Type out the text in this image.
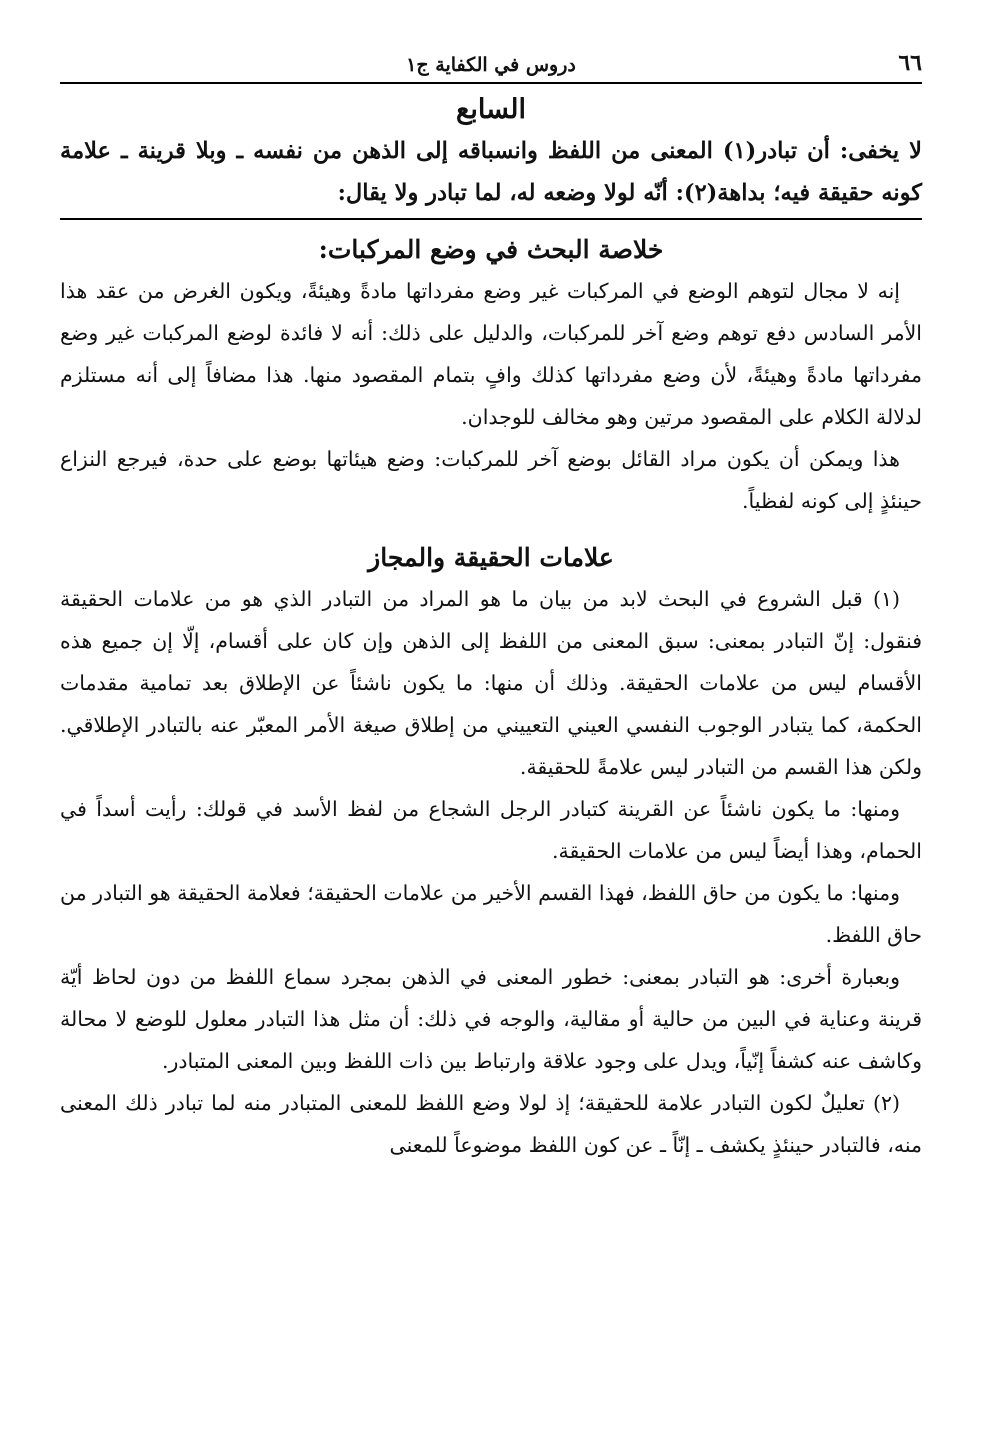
٦٦
دروس في الكفاية ج١
السابع

لا يخفى: أن تبادر(١) المعنى من اللفظ وانسباقه إلى الذهن من نفسه ـ وبلا قرينة ـ علامة كونه حقيقة فيه؛ بداهة(٢): أنّه لولا وضعه له، لما تبادر ولا يقال:

خلاصة البحث في وضع المركبات:

إنه لا مجال لتوهم الوضع في المركبات غير وضع مفرداتها مادةً وهيئةً، ويكون الغرض من عقد هذا الأمر السادس دفع توهم وضع آخر للمركبات، والدليل على ذلك: أنه لا فائدة لوضع المركبات غير وضع مفرداتها مادةً وهيئةً، لأن وضع مفرداتها كذلك وافٍ بتمام المقصود منها. هذا مضافاً إلى أنه مستلزم لدلالة الكلام على المقصود مرتين وهو مخالف للوجدان.

هذا ويمكن أن يكون مراد القائل بوضع آخر للمركبات: وضع هيئاتها بوضع على حدة، فيرجع النزاع حينئذٍ إلى كونه لفظياً.

علامات الحقيقة والمجاز

(١) قبل الشروع في البحث لابد من بيان ما هو المراد من التبادر الذي هو من علامات الحقيقة فنقول: إنّ التبادر بمعنى: سبق المعنى من اللفظ إلى الذهن وإن كان على أقسام، إلّا إن جميع هذه الأقسام ليس من علامات الحقيقة. وذلك أن منها: ما يكون ناشئاً عن الإطلاق بعد تمامية مقدمات الحكمة، كما يتبادر الوجوب النفسي العيني التعييني من إطلاق صيغة الأمر المعبّر عنه بالتبادر الإطلاقي. ولكن هذا القسم من التبادر ليس علامةً للحقيقة.

ومنها: ما يكون ناشئاً عن القرينة كتبادر الرجل الشجاع من لفظ الأسد في قولك: رأيت أسداً في الحمام، وهذا أيضاً ليس من علامات الحقيقة.

ومنها: ما يكون من حاق اللفظ، فهذا القسم الأخير من علامات الحقيقة؛ فعلامة الحقيقة هو التبادر من حاق اللفظ.

وبعبارة أخرى: هو التبادر بمعنى: خطور المعنى في الذهن بمجرد سماع اللفظ من دون لحاظ أيّة قرينة وعناية في البين من حالية أو مقالية، والوجه في ذلك: أن مثل هذا التبادر معلول للوضع لا محالة وكاشف عنه كشفاً إنّياً، ويدل على وجود علاقة وارتباط بين ذات اللفظ وبين المعنى المتبادر.

(٢) تعليلٌ لكون التبادر علامة للحقيقة؛ إذ لولا وضع اللفظ للمعنى المتبادر منه لما تبادر ذلك المعنى منه، فالتبادر حينئذٍ يكشف ـ إنّاً ـ عن كون اللفظ موضوعاً للمعنى
